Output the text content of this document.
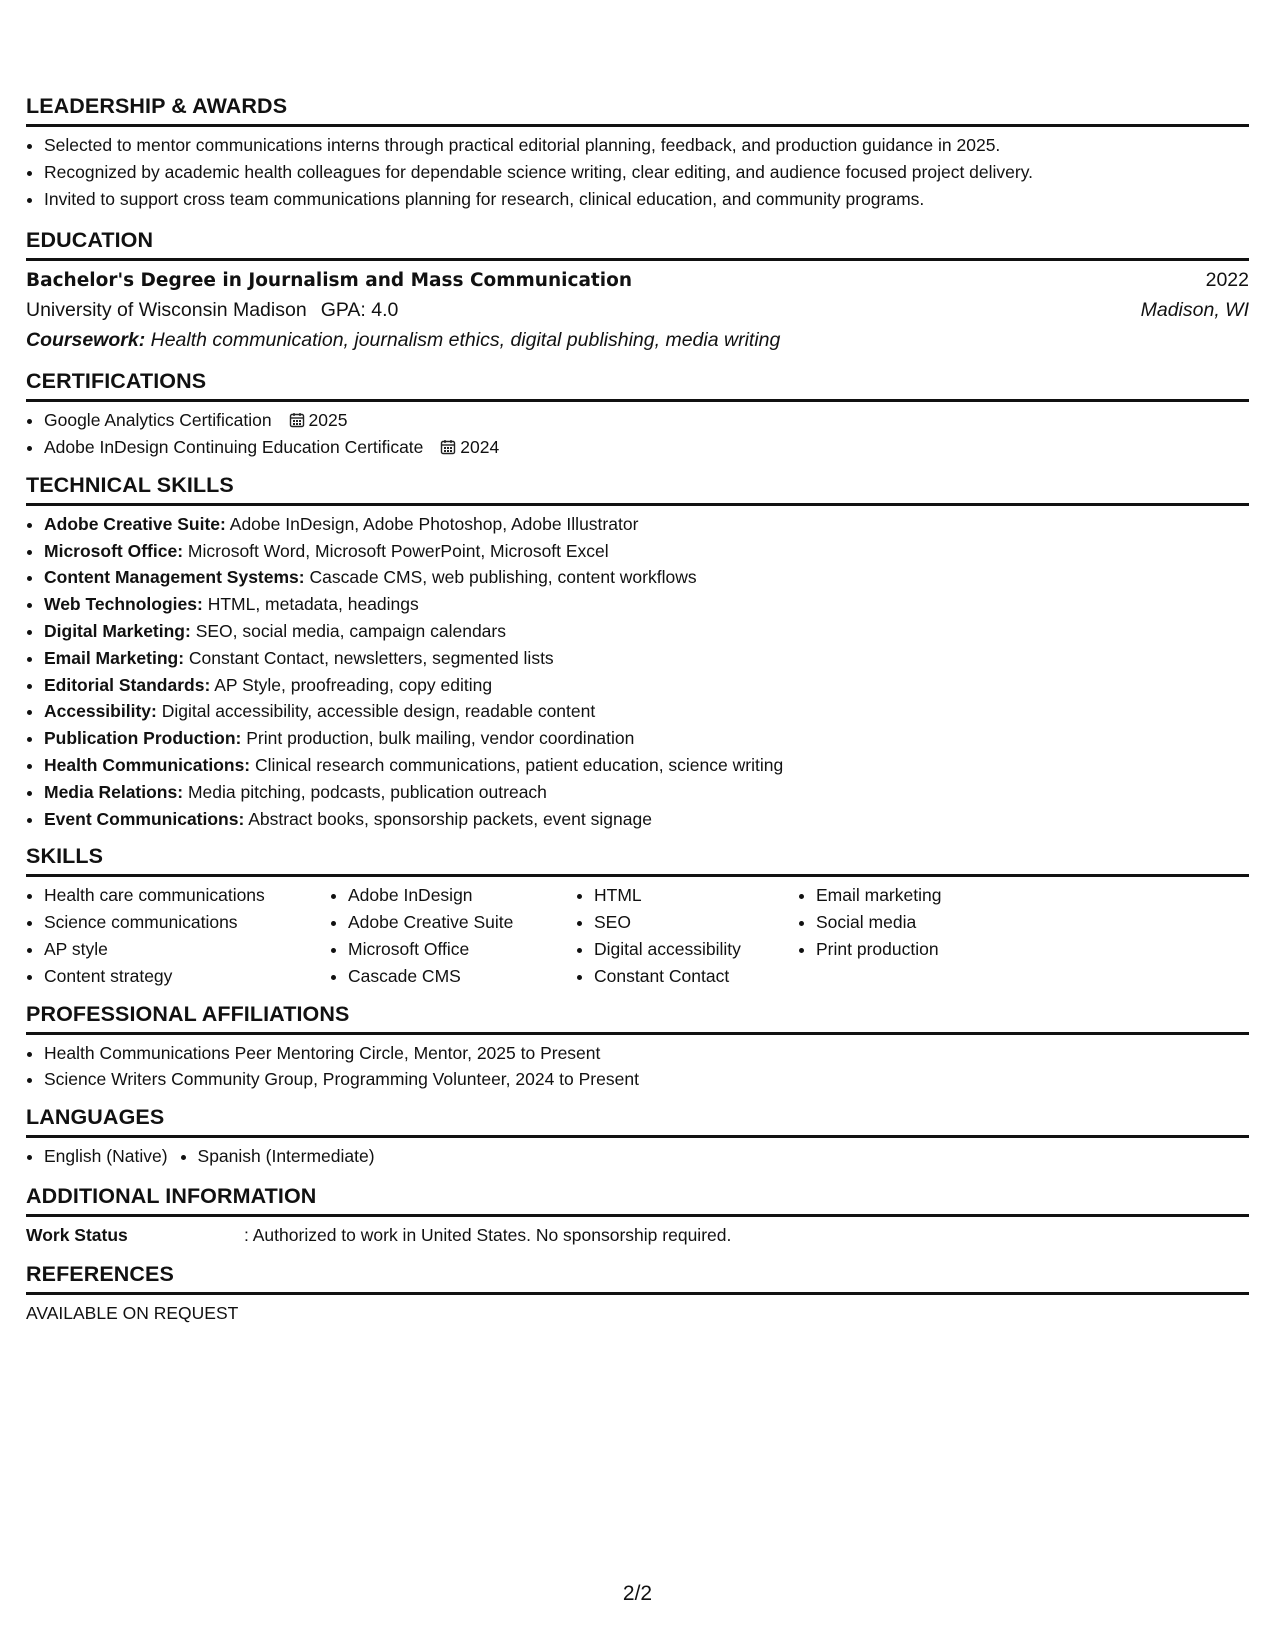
LEADERSHIP & AWARDS
• Selected to mentor communications interns through practical editorial planning, feedback, and production guidance in 2025.
• Recognized by academic health colleagues for dependable science writing, clear editing, and audience focused project delivery.
• Invited to support cross team communications planning for research, clinical education, and community programs.
EDUCATION
Bachelor's Degree in Journalism and Mass Communication	2022
University of Wisconsin Madison GPA: 4.0	Madison, WI
Coursework: Health communication, journalism ethics, digital publishing, media writing
CERTIFICATIONS
• Google Analytics Certification 2025
• Adobe InDesign Continuing Education Certificate 2024
TECHNICAL SKILLS
• Adobe Creative Suite: Adobe InDesign, Adobe Photoshop, Adobe Illustrator
• Microsoft Office: Microsoft Word, Microsoft PowerPoint, Microsoft Excel
• Content Management Systems: Cascade CMS, web publishing, content workflows
• Web Technologies: HTML, metadata, headings
• Digital Marketing: SEO, social media, campaign calendars
• Email Marketing: Constant Contact, newsletters, segmented lists
• Editorial Standards: AP Style, proofreading, copy editing
• Accessibility: Digital accessibility, accessible design, readable content
• Publication Production: Print production, bulk mailing, vendor coordination
• Health Communications: Clinical research communications, patient education, science writing
• Media Relations: Media pitching, podcasts, publication outreach
• Event Communications: Abstract books, sponsorship packets, event signage
SKILLS
• Health care communications
• Science communications
• AP style
• Content strategy
• Adobe InDesign
• Adobe Creative Suite
• Microsoft Office
• Cascade CMS
• HTML
• SEO
• Digital accessibility
• Constant Contact
• Email marketing
• Social media
• Print production
PROFESSIONAL AFFILIATIONS
• Health Communications Peer Mentoring Circle, Mentor, 2025 to Present
• Science Writers Community Group, Programming Volunteer, 2024 to Present
LANGUAGES
• English (Native)
• Spanish (Intermediate)
ADDITIONAL INFORMATION
Work Status	: Authorized to work in United States. No sponsorship required.
REFERENCES
AVAILABLE ON REQUEST
2/2
